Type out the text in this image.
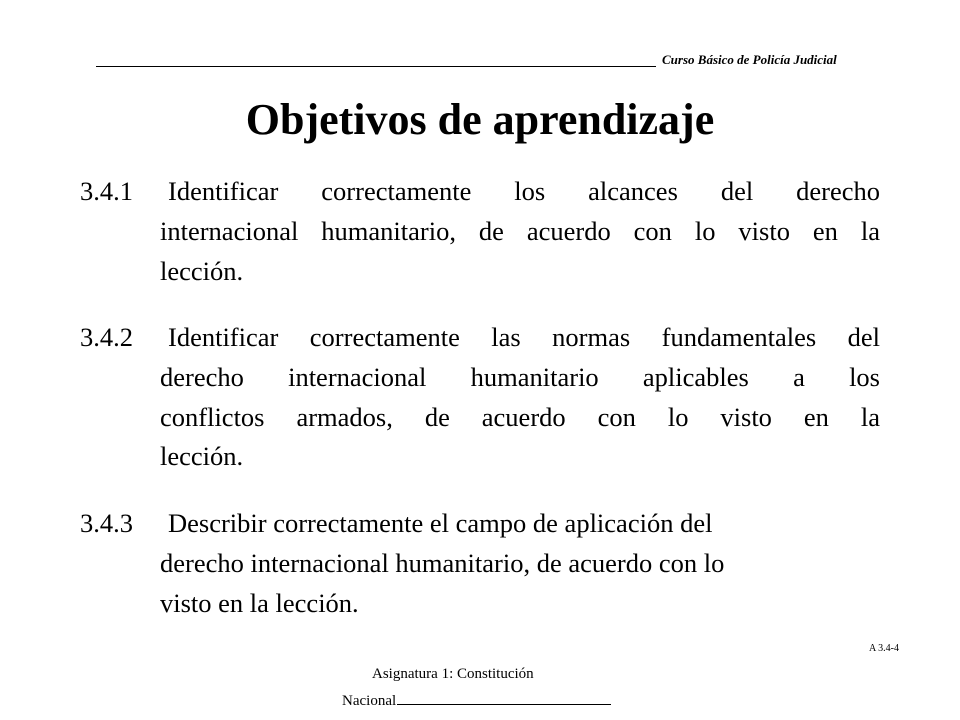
Curso Básico de Policía Judicial
Objetivos de aprendizaje
3.4.1 Identificar correctamente los alcances del derecho
internacional humanitario, de acuerdo con lo visto en la
lección.
3.4.2 Identificar correctamente las normas fundamentales del
derecho internacional humanitario aplicables a los
conflictos armados, de acuerdo con lo visto en la
lección.
3.4.3 Describir correctamente el campo de aplicación del
derecho internacional humanitario, de acuerdo con lo
visto en la lección.
A 3.4-4
Asignatura 1: Constitución
Nacional
